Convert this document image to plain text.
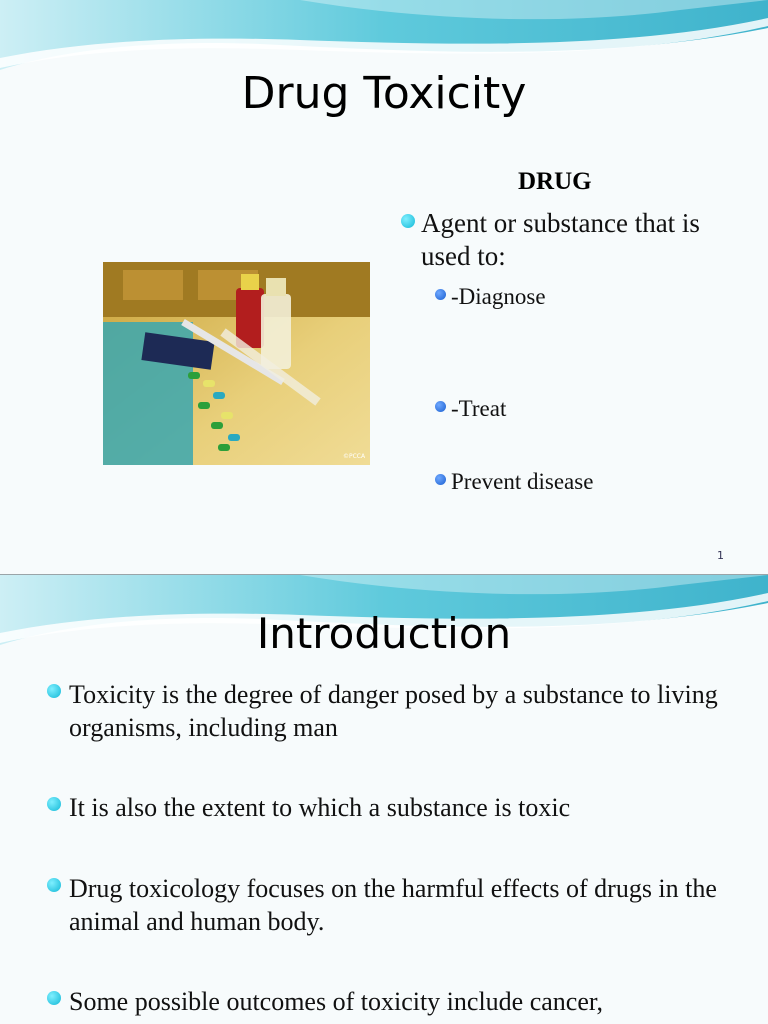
Drug Toxicity
DRUG
©PCCA
Agent or substance that is used to:
-Diagnose
-Treat
Prevent disease
1
Introduction
Toxicity is the degree of danger posed by a substance to living organisms, including man
It is also the extent to which a substance is toxic
Drug toxicology focuses on the harmful effects of drugs in the animal and human body.
Some possible outcomes of toxicity include cancer,
